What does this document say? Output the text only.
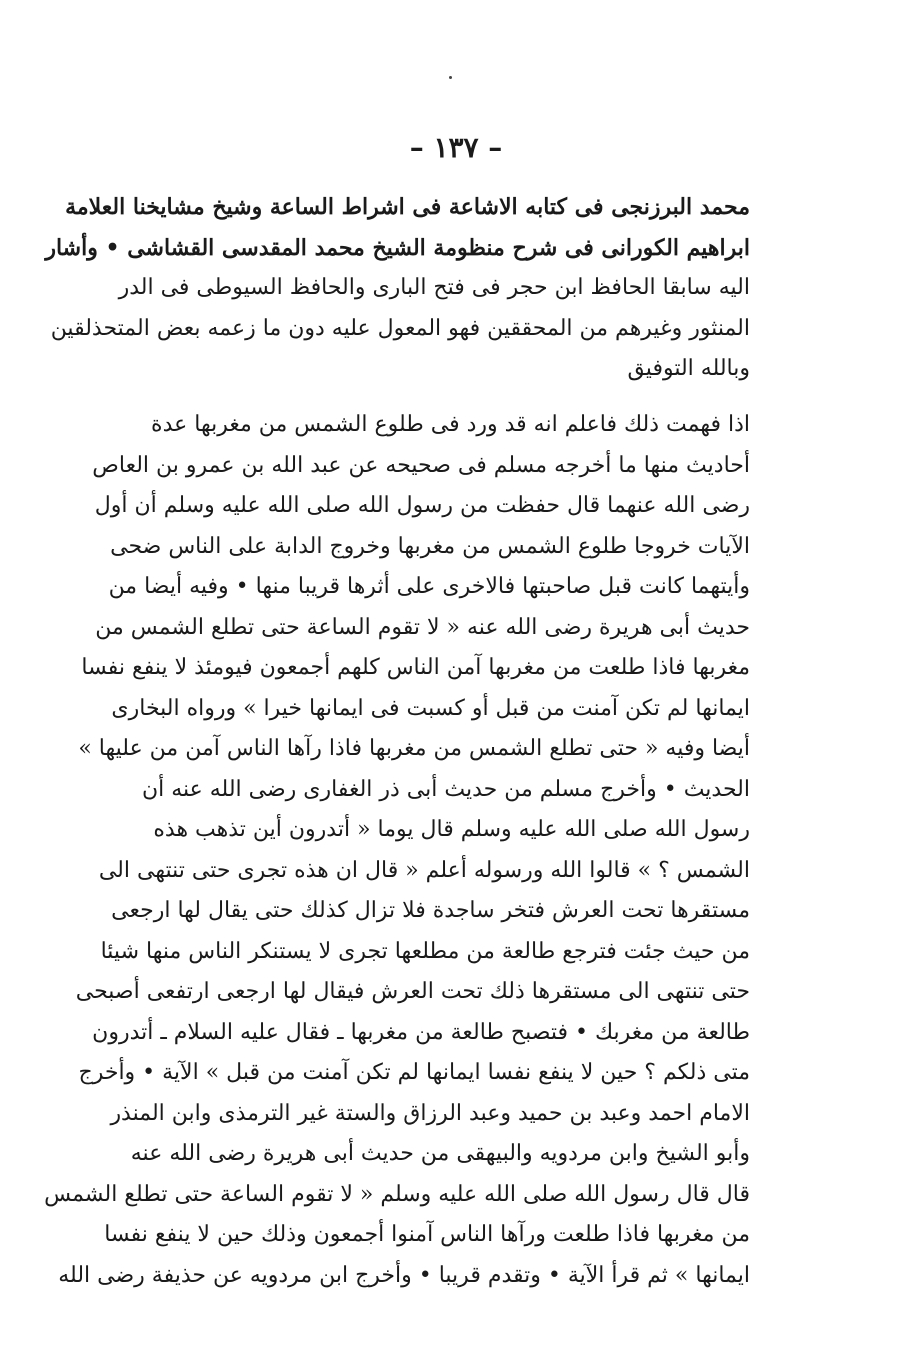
– ١٣٧ –
محمد البرزنجى فى كتابه الاشاعة فى اشراط الساعة وشيخ مشايخنا العلامة
ابراهيم الكورانى فى شرح منظومة الشيخ محمد المقدسى القشاشى • وأشار
اليه سابقا الحافظ ابن حجر فى فتح البارى والحافظ السيوطى فى الدر
المنثور وغيرهم من المحققين فهو المعول عليه دون ما زعمه بعض المتحذلقين
وبالله التوفيق
اذا فهمت ذلك فاعلم انه قد ورد فى طلوع الشمس من مغربها عدة
أحاديث منها ما أخرجه مسلم فى صحيحه عن عبد الله بن عمرو بن العاص
رضى الله عنهما قال حفظت من رسول الله صلى الله عليه وسلم أن أول
الآيات خروجا طلوع الشمس من مغربها وخروج الدابة على الناس ضحى
وأيتهما كانت قبل صاحبتها فالاخرى على أثرها قريبا منها • وفيه أيضا من
حديث أبى هريرة رضى الله عنه « لا تقوم الساعة حتى تطلع الشمس من
مغربها فاذا طلعت من مغربها آمن الناس كلهم أجمعون فيومئذ لا ينفع نفسا
ايمانها لم تكن آمنت من قبل أو كسبت فى ايمانها خيرا » ورواه البخارى
أيضا وفيه « حتى تطلع الشمس من مغربها فاذا رآها الناس آمن من عليها »
الحديث • وأخرج مسلم من حديث أبى ذر الغفارى رضى الله عنه أن
رسول الله صلى الله عليه وسلم قال يوما « أتدرون أين تذهب هذه
الشمس ؟ » قالوا الله ورسوله أعلم « قال ان هذه تجرى حتى تنتهى الى
مستقرها تحت العرش فتخر ساجدة فلا تزال كذلك حتى يقال لها ارجعى
من حيث جئت فترجع طالعة من مطلعها تجرى لا يستنكر الناس منها شيئا
حتى تنتهى الى مستقرها ذلك تحت العرش فيقال لها ارجعى ارتفعى أصبحى
طالعة من مغربك • فتصبح طالعة من مغربها ـ فقال عليه السلام ـ أتدرون
متى ذلكم ؟ حين لا ينفع نفسا ايمانها لم تكن آمنت من قبل » الآية • وأخرج
الامام احمد وعبد بن حميد وعبد الرزاق والستة غير الترمذى وابن المنذر
وأبو الشيخ وابن مردويه والبيهقى من حديث أبى هريرة رضى الله عنه
قال قال رسول الله صلى الله عليه وسلم « لا تقوم الساعة حتى تطلع الشمس
من مغربها فاذا طلعت ورآها الناس آمنوا أجمعون وذلك حين لا ينفع نفسا
ايمانها » ثم قرأ الآية • وتقدم قريبا • وأخرج ابن مردويه عن حذيفة رضى الله
